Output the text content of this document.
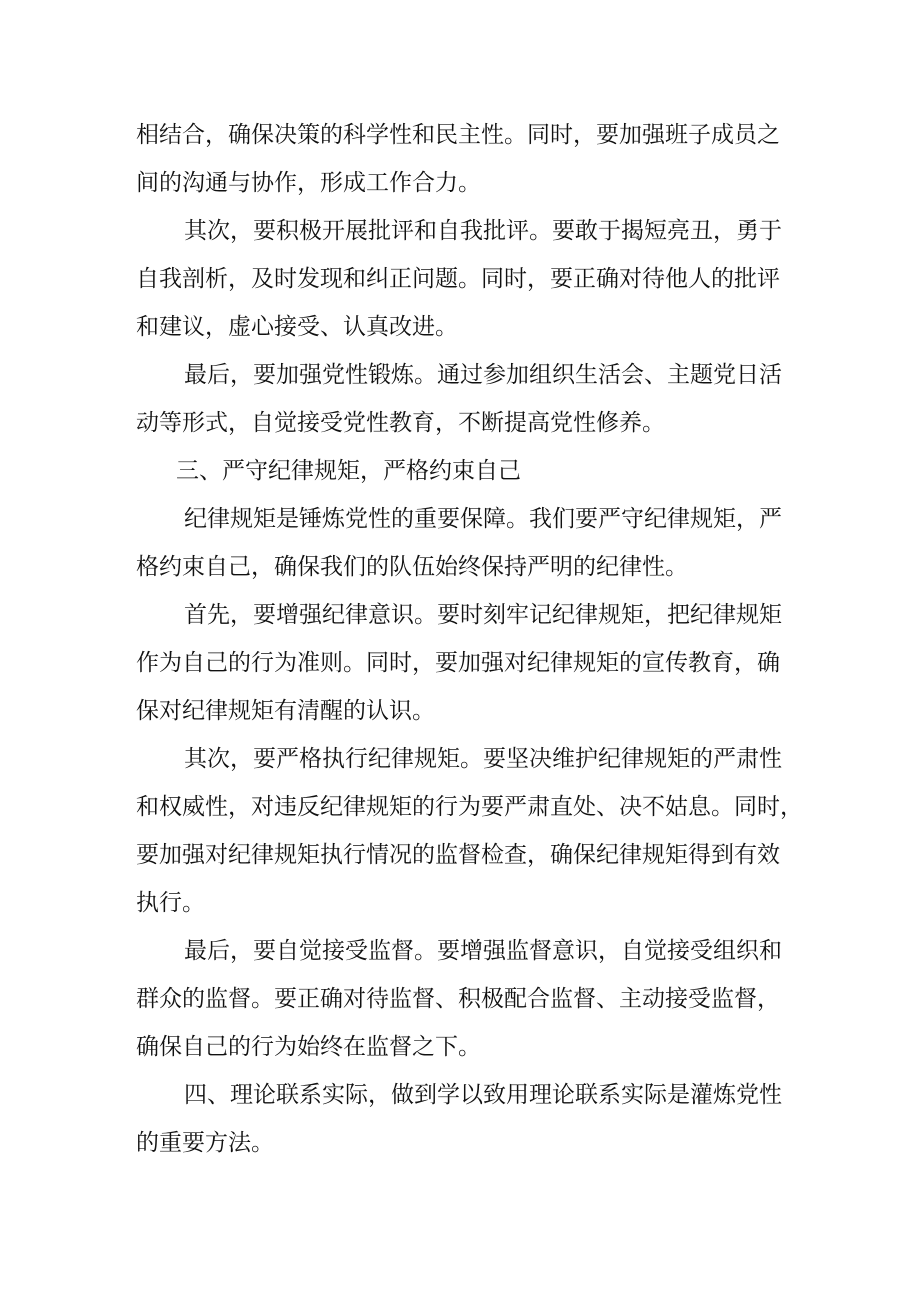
相结合，确保决策的科学性和民主性。同时，要加强班子成员之
间的沟通与协作，形成工作合力。
其次，要积极开展批评和自我批评。要敢于揭短亮丑，勇于
自我剖析，及时发现和纠正问题。同时，要正确对待他人的批评
和建议，虚心接受、认真改进。
最后，要加强党性锻炼。通过参加组织生活会、主题党日活
动等形式，自觉接受党性教育，不断提高党性修养。
三、严守纪律规矩，严格约束自己
纪律规矩是锤炼党性的重要保障。我们要严守纪律规矩，严
格约束自己，确保我们的队伍始终保持严明的纪律性。
首先，要增强纪律意识。要时刻牢记纪律规矩，把纪律规矩
作为自己的行为准则。同时，要加强对纪律规矩的宣传教育，确
保对纪律规矩有清醒的认识。
其次，要严格执行纪律规矩。要坚决维护纪律规矩的严肃性
和权威性，对违反纪律规矩的行为要严肃直处、决不姑息。同时，
要加强对纪律规矩执行情况的监督检查，确保纪律规矩得到有效
执行。
最后，要自觉接受监督。要增强监督意识，自觉接受组织和
群众的监督。要正确对待监督、积极配合监督、主动接受监督，
确保自己的行为始终在监督之下。
四、理论联系实际，做到学以致用理论联系实际是灌炼党性
的重要方法。
